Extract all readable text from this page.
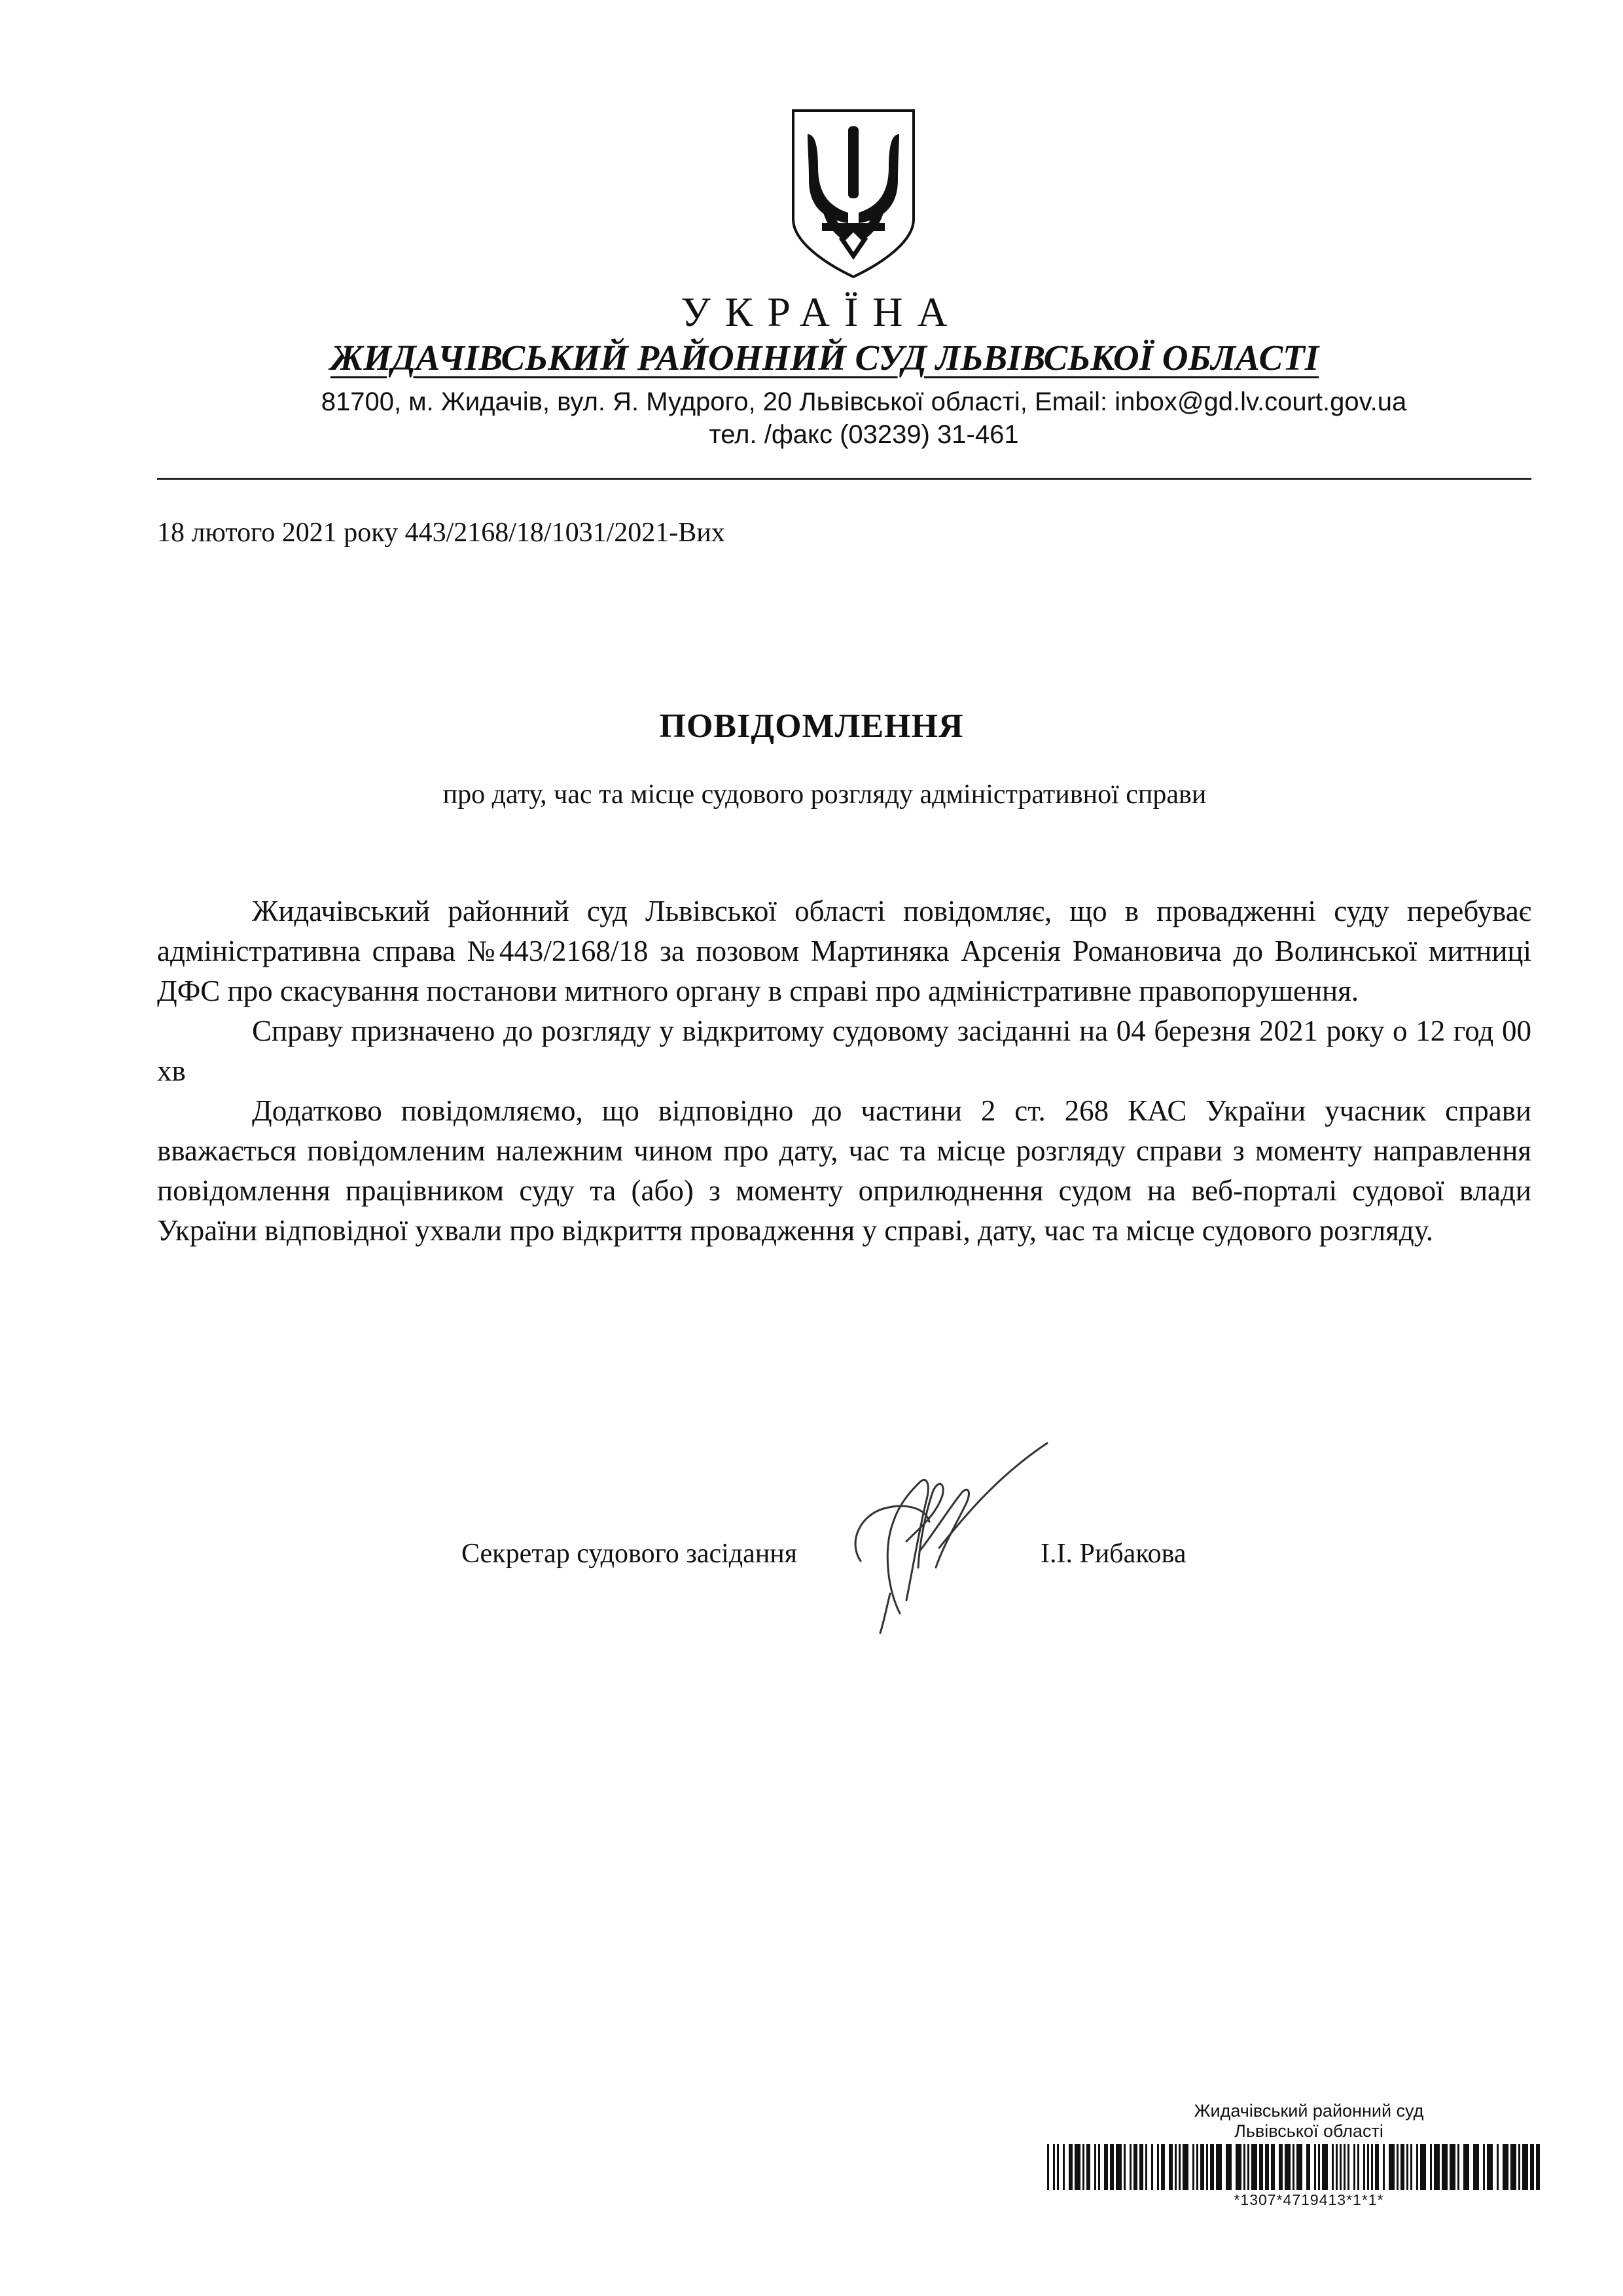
УКРАЇНА
ЖИДАЧІВСЬКИЙ РАЙОННИЙ СУД ЛЬВІВСЬКОЇ ОБЛАСТІ
81700, м. Жидачів, вул. Я. Мудрого, 20 Львівської області, Email: inbox@gd.lv.court.gov.ua
тел. /факс (03239) 31-461
18 лютого 2021 року 443/2168/18/1031/2021-Вих
ПОВІДОМЛЕННЯ
про дату, час та місце судового розгляду адміністративної справи

Жидачівський районний суд Львівської області повідомляє, що в провадженні суду перебуває адміністративна справа №443/2168/18 за позовом Мартиняка Арсенія Романовича до Волинської митниці ДФС про скасування постанови митного органу в справі про адміністративне правопорушення.

Справу призначено до розгляду у відкритому судовому засіданні на 04 березня 2021 року о 12 год 00 хв

Додатково повідомляємо, що відповідно до частини 2 ст. 268 КАС України учасник справи вважається повідомленим належним чином про дату, час та місце розгляду справи з моменту направлення повідомлення працівником суду та (або) з моменту оприлюднення судом на веб-порталі судової влади України відповідної ухвали про відкриття провадження у справі, дату, час та місце судового розгляду.

Секретар судового засідання	І.І. Рибакова
Жидачівський районний суд
Львівської області
*1307*4719413*1*1*
